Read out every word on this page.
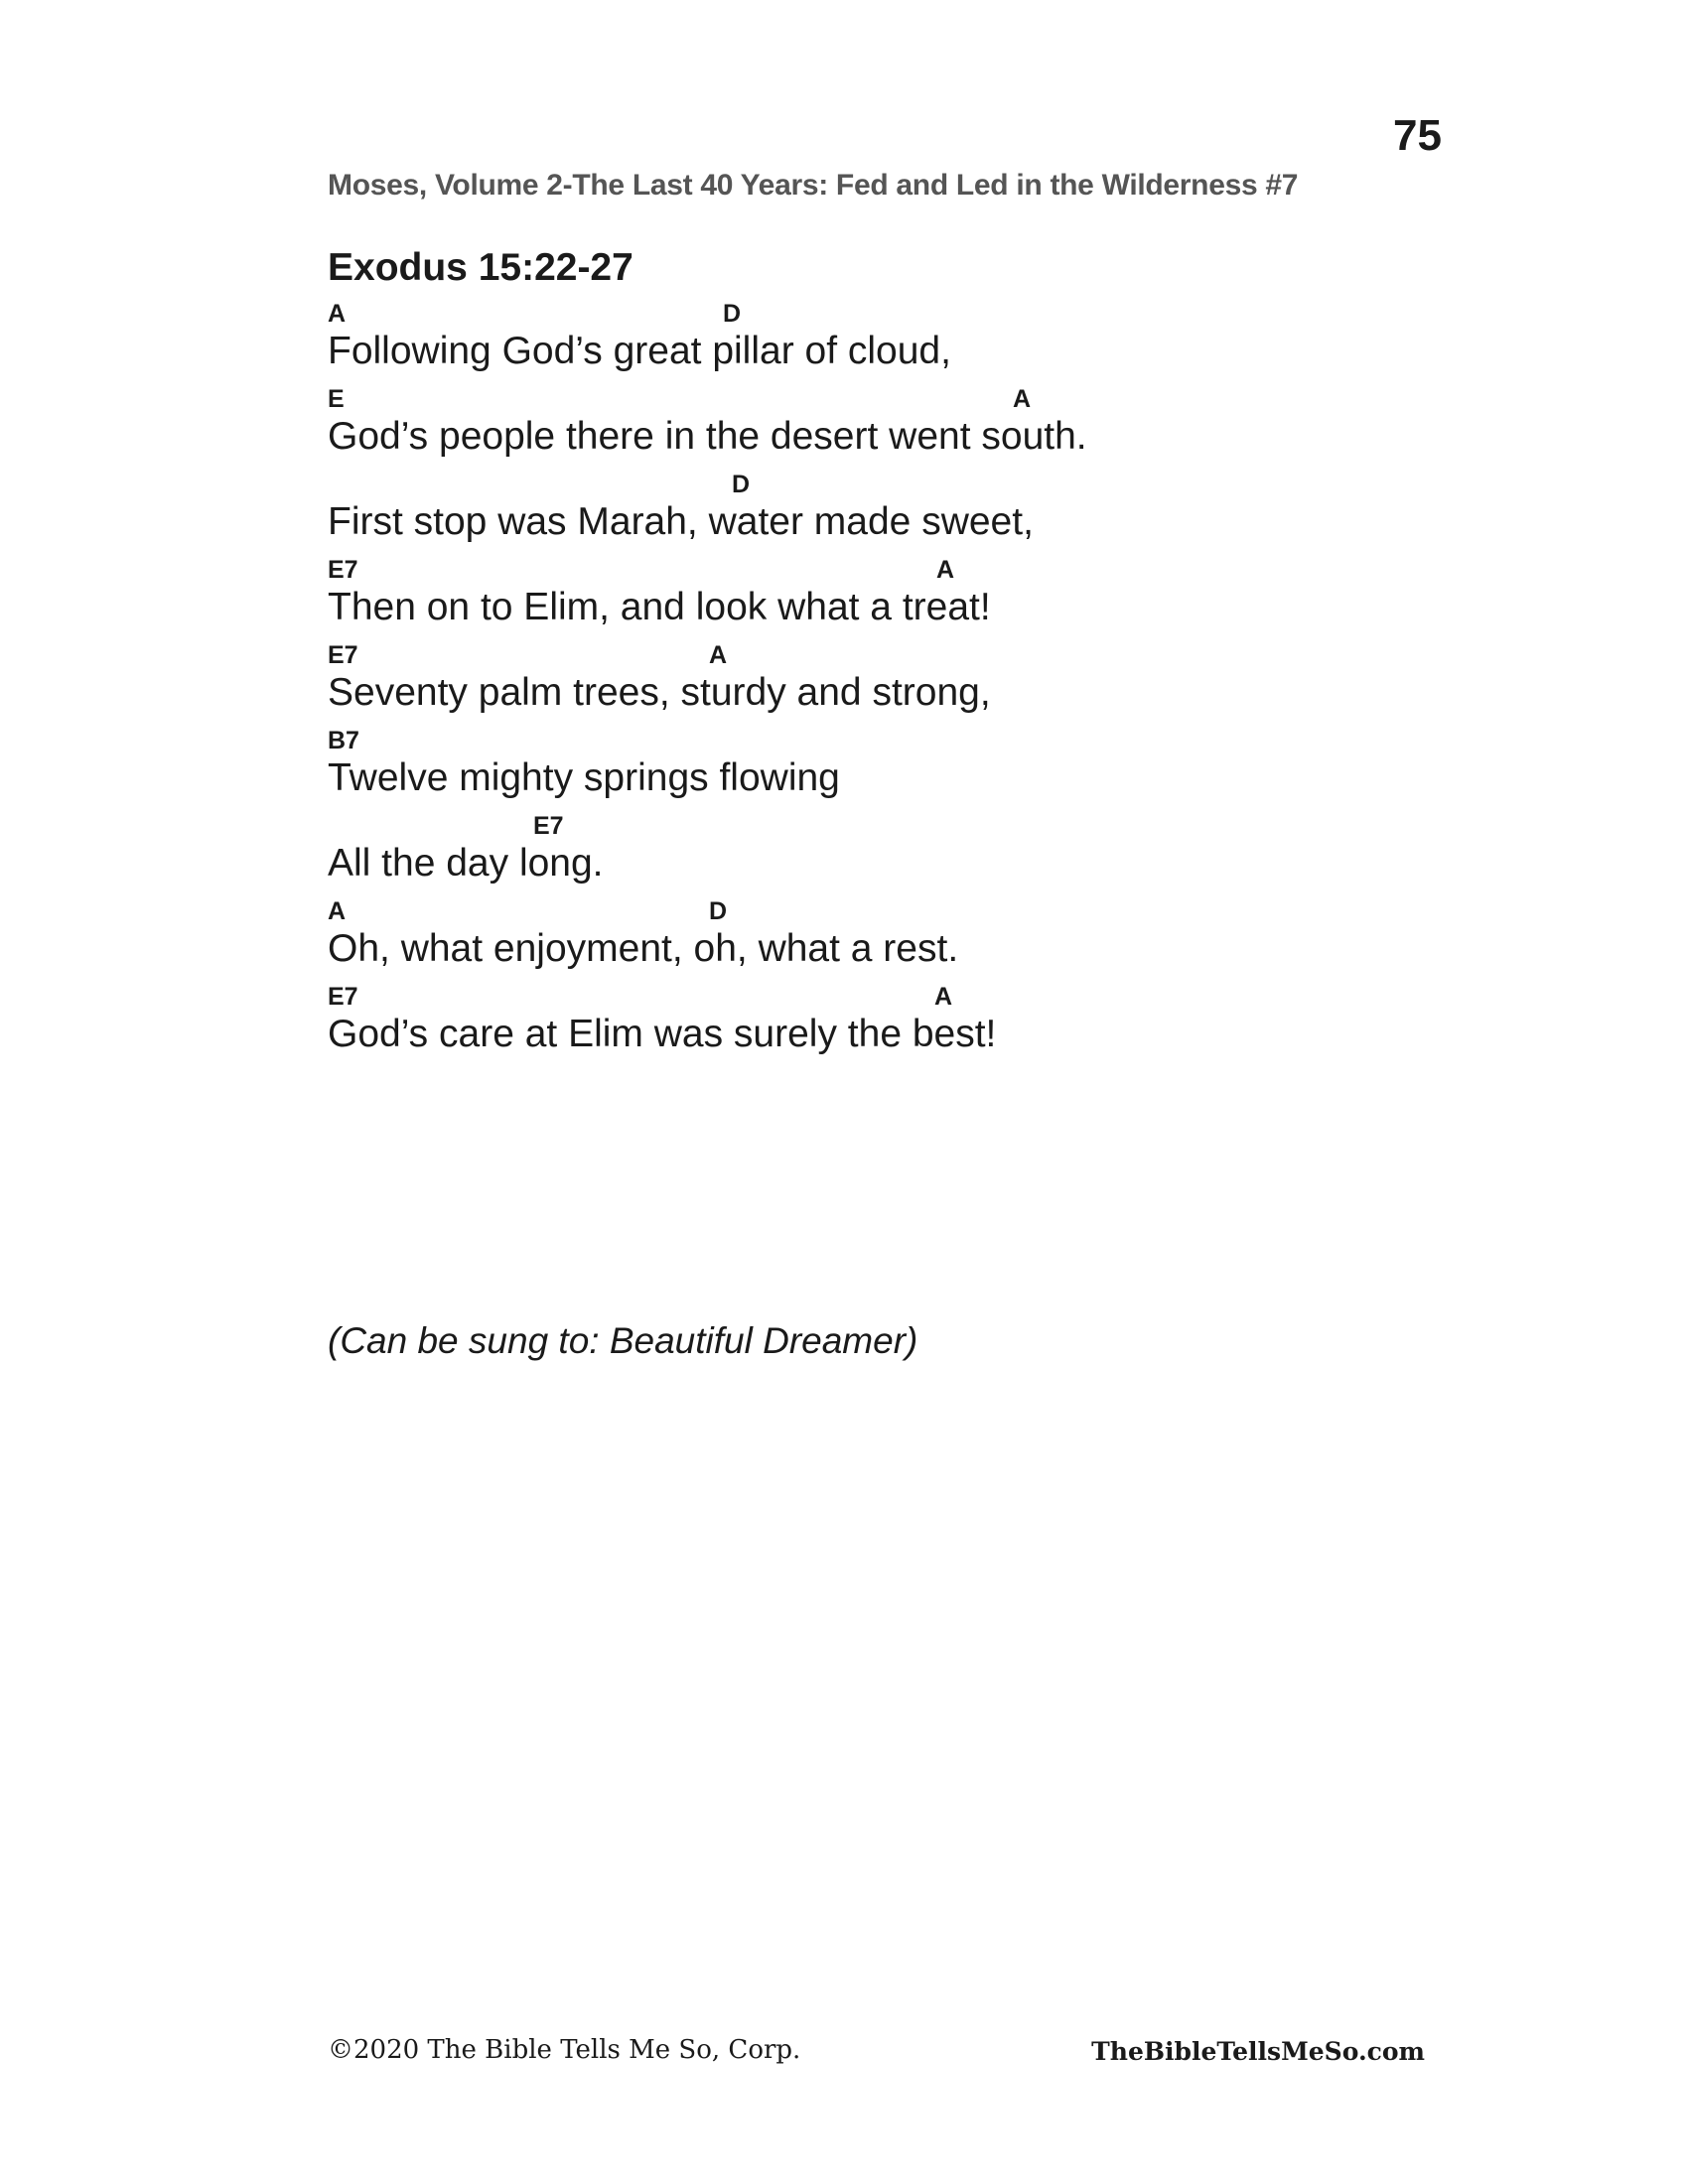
75
Moses, Volume 2-The Last 40 Years: Fed and Led in the Wilderness #7
Exodus 15:22-27
A	D
Following God’s great pillar of cloud,
E	A
God’s people there in the desert went south.
D
First stop was Marah, water made sweet,
E7	A
Then on to Elim, and look what a treat!
E7	A
Seventy palm trees, sturdy and strong,
B7
Twelve mighty springs flowing
E7
All the day long.
A	D
Oh, what enjoyment, oh, what a rest.
E7	A
God’s care at Elim was surely the best!
(Can be sung to: Beautiful Dreamer)
©2020 The Bible Tells Me So, Corp.	TheBibleTellsMeSo.com
